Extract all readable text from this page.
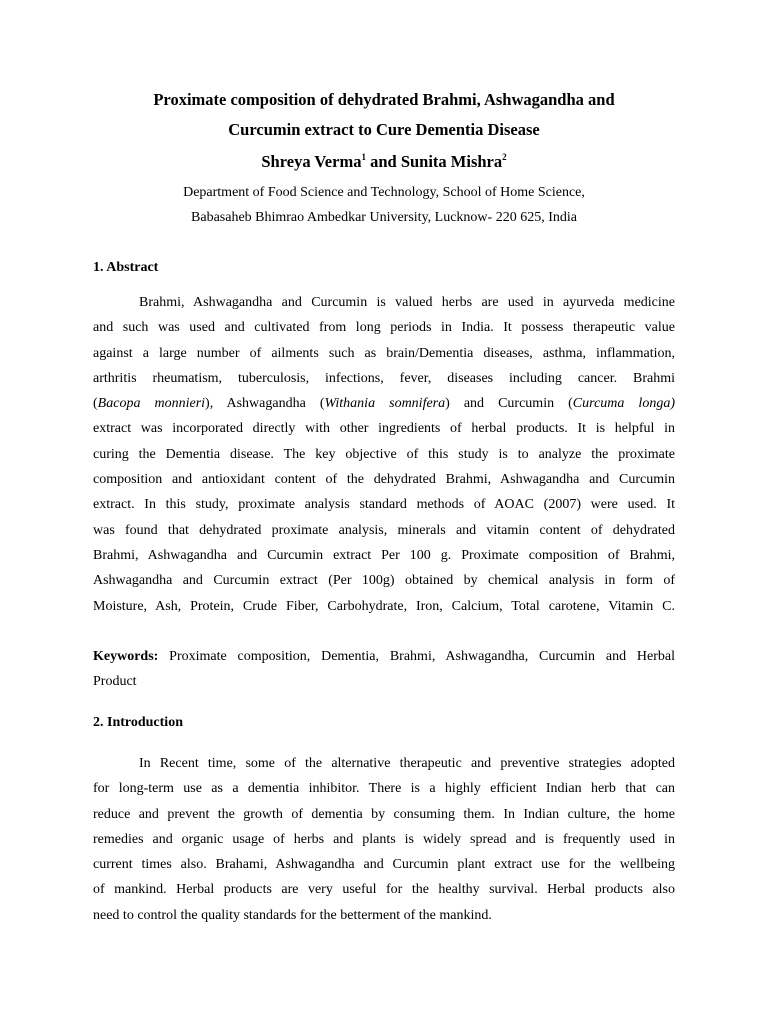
Proximate composition of dehydrated Brahmi, Ashwagandha and
Curcumin extract to Cure Dementia Disease
Shreya Verma$^1$ and Sunita Mishra$^2$
Department of Food Science and Technology, School of Home Science,
Babasaheb Bhimrao Ambedkar University, Lucknow- 220 625, India
1. Abstract
Brahmi, Ashwagandha and Curcumin is valued herbs are used in ayurveda medicine
and such was used and cultivated from long periods in India. It possess therapeutic value
against a large number of ailments such as brain/Dementia diseases, asthma, inflammation,
arthritis rheumatism, tuberculosis, infections, fever, diseases including cancer. Brahmi
(Bacopa monnieri), Ashwagandha (Withania somnifera) and Curcumin (Curcuma longa)
extract was incorporated directly with other ingredients of herbal products. It is helpful in
curing the Dementia disease. The key objective of this study is to analyze the proximate
composition and antioxidant content of the dehydrated Brahmi, Ashwagandha and Curcumin
extract. In this study, proximate analysis standard methods of AOAC (2007) were used. It
was found that dehydrated proximate analysis, minerals and vitamin content of dehydrated
Brahmi, Ashwagandha and Curcumin extract Per 100 g. Proximate composition of Brahmi,
Ashwagandha and Curcumin extract (Per 100g) obtained by chemical analysis in form of
Moisture, Ash, Protein, Crude Fiber, Carbohydrate, Iron, Calcium, Total carotene, Vitamin C.
Keywords: Proximate composition, Dementia, Brahmi, Ashwagandha, Curcumin and Herbal
Product
2. Introduction
In Recent time, some of the alternative therapeutic and preventive strategies adopted
for long-term use as a dementia inhibitor. There is a highly efficient Indian herb that can
reduce and prevent the growth of dementia by consuming them. In Indian culture, the home
remedies and organic usage of herbs and plants is widely spread and is frequently used in
current times also. Brahami, Ashwagandha and Curcumin plant extract use for the wellbeing
of mankind. Herbal products are very useful for the healthy survival. Herbal products also
need to control the quality standards for the betterment of the mankind.
